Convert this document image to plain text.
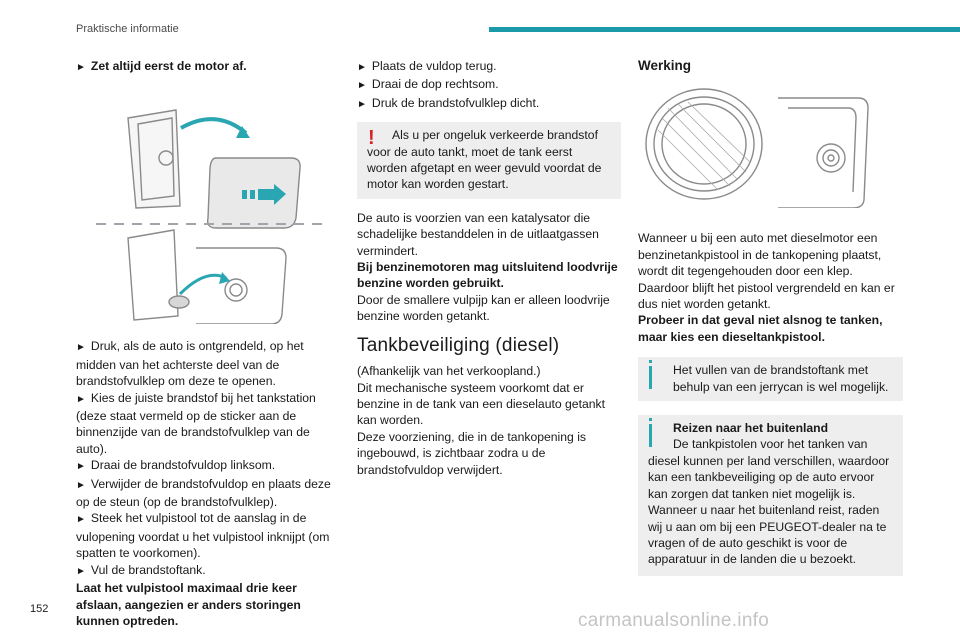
Praktische informatie

► Zet altijd eerst de motor af.

► Druk, als de auto is ontgrendeld, op het midden van het achterste deel van de brandstofvulklep om deze te openen.

► Kies de juiste brandstof bij het tankstation (deze staat vermeld op de sticker aan de binnenzijde van de brandstofvulklep van de auto).

► Draai de brandstofvuldop linksom.

► Verwijder de brandstofvuldop en plaats deze op de steun (op de brandstofvulklep).

► Steek het vulpistool tot de aanslag in de vulopening voordat u het vulpistool inknijpt (om spatten te voorkomen).

► Vul de brandstoftank.

Laat het vulpistool maximaal drie keer afslaan, aangezien er anders storingen kunnen optreden.

► Plaats de vuldop terug.

► Draai de dop rechtsom.

► Druk de brandstofvulklep dicht.

!	Als u per ongeluk verkeerde brandstof voor de auto tankt, moet de tank eerst worden afgetapt en weer gevuld voordat de motor kan worden gestart.

De auto is voorzien van een katalysator die schadelijke bestanddelen in de uitlaatgassen vermindert.

Bij benzinemotoren mag uitsluitend loodvrije benzine worden gebruikt.

Door de smallere vulpijp kan er alleen loodvrije benzine worden getankt.

Tankbeveiliging (diesel)

(Afhankelijk van het verkoopland.)

Dit mechanische systeem voorkomt dat er benzine in de tank van een dieselauto getankt kan worden.

Deze voorziening, die in de tankopening is ingebouwd, is zichtbaar zodra u de brandstofvuldop verwijdert.

Werking

Wanneer u bij een auto met dieselmotor een benzinetankpistool in de tankopening plaatst, wordt dit tegengehouden door een klep. Daardoor blijft het pistool vergrendeld en kan er dus niet worden getankt.

Probeer in dat geval niet alsnog te tanken, maar kies een dieseltankpistool.

Het vullen van de brandstoftank met behulp van een jerrycan is wel mogelijk.

Reizen naar het buitenland

De tankpistolen voor het tanken van diesel kunnen per land verschillen, waardoor kan een tankbeveiliging op de auto ervoor kan zorgen dat tanken niet mogelijk is. Wanneer u naar het buitenland reist, raden wij u aan om bij een PEUGEOT-dealer na te vragen of de auto geschikt is voor de apparatuur in de landen die u bezoekt.

152
carmanualsonline.info
